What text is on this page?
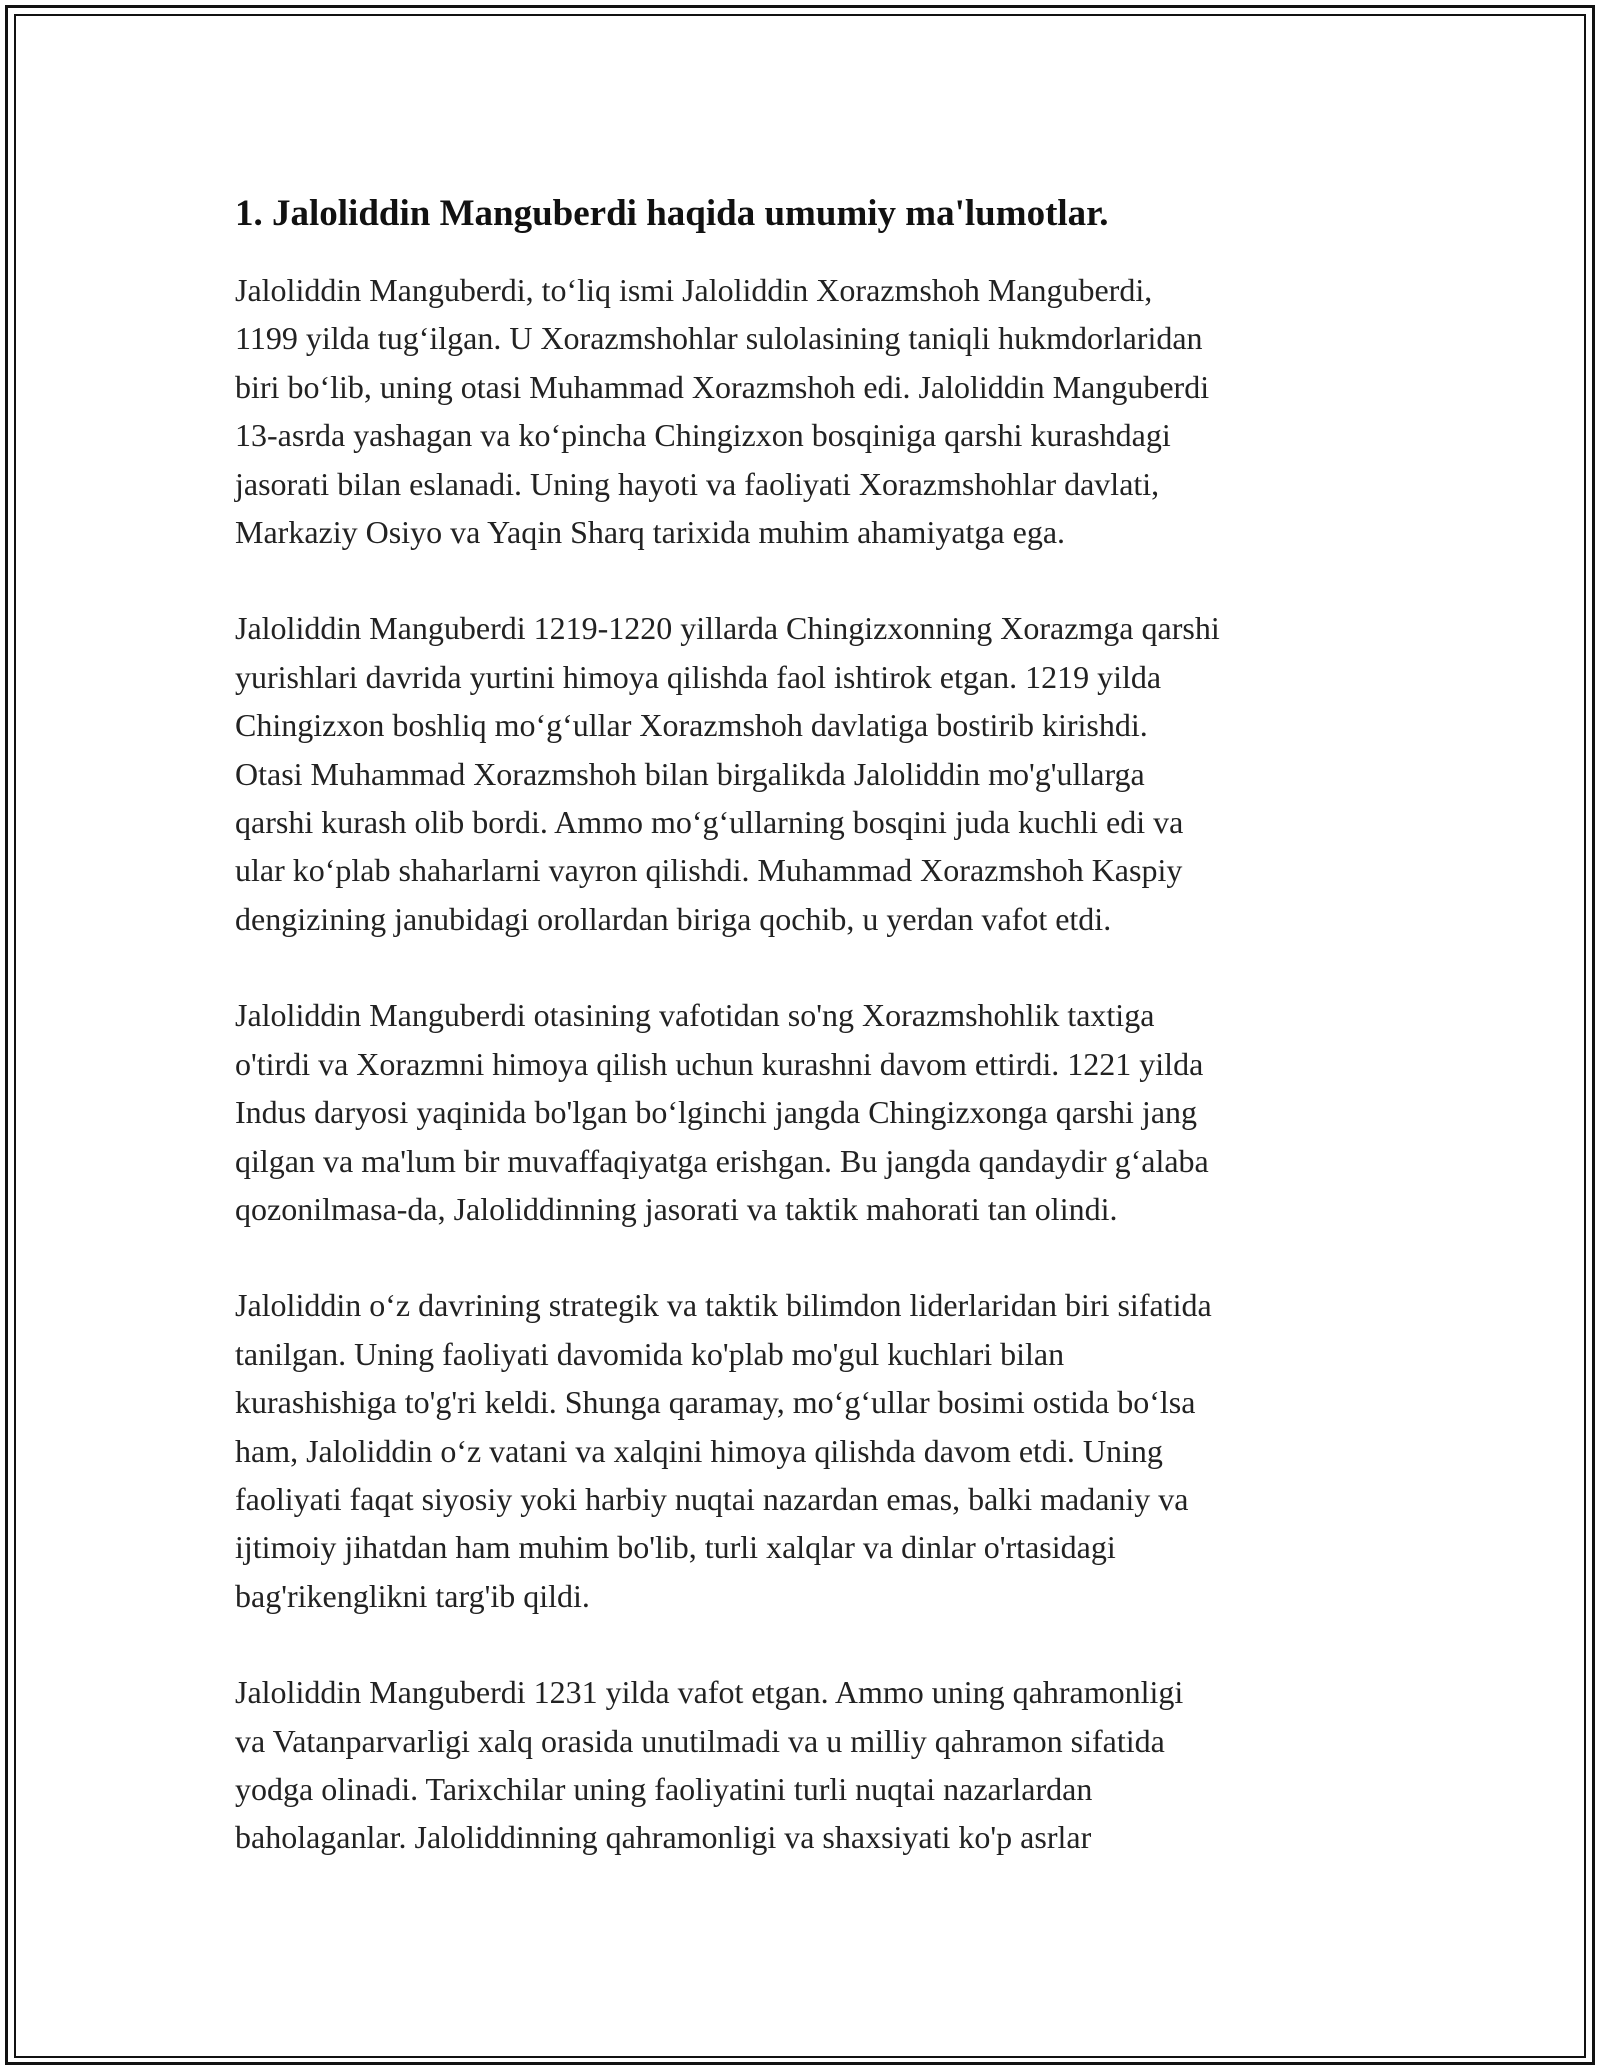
1. Jaloliddin Manguberdi haqida umumiy ma'lumotlar.

Jaloliddin Manguberdi, to‘liq ismi Jaloliddin Xorazmshoh Manguberdi,
1199 yilda tug‘ilgan. U Xorazmshohlar sulolasining taniqli hukmdorlaridan
biri bo‘lib, uning otasi Muhammad Xorazmshoh edi. Jaloliddin Manguberdi
13-asrda yashagan va ko‘pincha Chingizxon bosqiniga qarshi kurashdagi
jasorati bilan eslanadi. Uning hayoti va faoliyati Xorazmshohlar davlati,
Markaziy Osiyo va Yaqin Sharq tarixida muhim ahamiyatga ega.

Jaloliddin Manguberdi 1219-1220 yillarda Chingizxonning Xorazmga qarshi
yurishlari davrida yurtini himoya qilishda faol ishtirok etgan. 1219 yilda
Chingizxon boshliq mo‘g‘ullar Xorazmshoh davlatiga bostirib kirishdi.
Otasi Muhammad Xorazmshoh bilan birgalikda Jaloliddin mo'g'ullarga
qarshi kurash olib bordi. Ammo mo‘g‘ullarning bosqini juda kuchli edi va
ular ko‘plab shaharlarni vayron qilishdi. Muhammad Xorazmshoh Kaspiy
dengizining janubidagi orollardan biriga qochib, u yerdan vafot etdi.

Jaloliddin Manguberdi otasining vafotidan so'ng Xorazmshohlik taxtiga
o'tirdi va Xorazmni himoya qilish uchun kurashni davom ettirdi. 1221 yilda
Indus daryosi yaqinida bo'lgan bo‘lginchi jangda Chingizxonga qarshi jang
qilgan va ma'lum bir muvaffaqiyatga erishgan. Bu jangda qandaydir g‘alaba
qozonilmasa-da, Jaloliddinning jasorati va taktik mahorati tan olindi.

Jaloliddin o‘z davrining strategik va taktik bilimdon liderlaridan biri sifatida
tanilgan. Uning faoliyati davomida ko'plab mo'gul kuchlari bilan
kurashishiga to'g'ri keldi. Shunga qaramay, mo‘g‘ullar bosimi ostida bo‘lsa
ham, Jaloliddin o‘z vatani va xalqini himoya qilishda davom etdi. Uning
faoliyati faqat siyosiy yoki harbiy nuqtai nazardan emas, balki madaniy va
ijtimoiy jihatdan ham muhim bo'lib, turli xalqlar va dinlar o'rtasidagi
bag'rikenglikni targ'ib qildi.

Jaloliddin Manguberdi 1231 yilda vafot etgan. Ammo uning qahramonligi
va Vatanparvarligi xalq orasida unutilmadi va u milliy qahramon sifatida
yodga olinadi. Tarixchilar uning faoliyatini turli nuqtai nazarlardan
baholaganlar. Jaloliddinning qahramonligi va shaxsiyati ko'p asrlar
